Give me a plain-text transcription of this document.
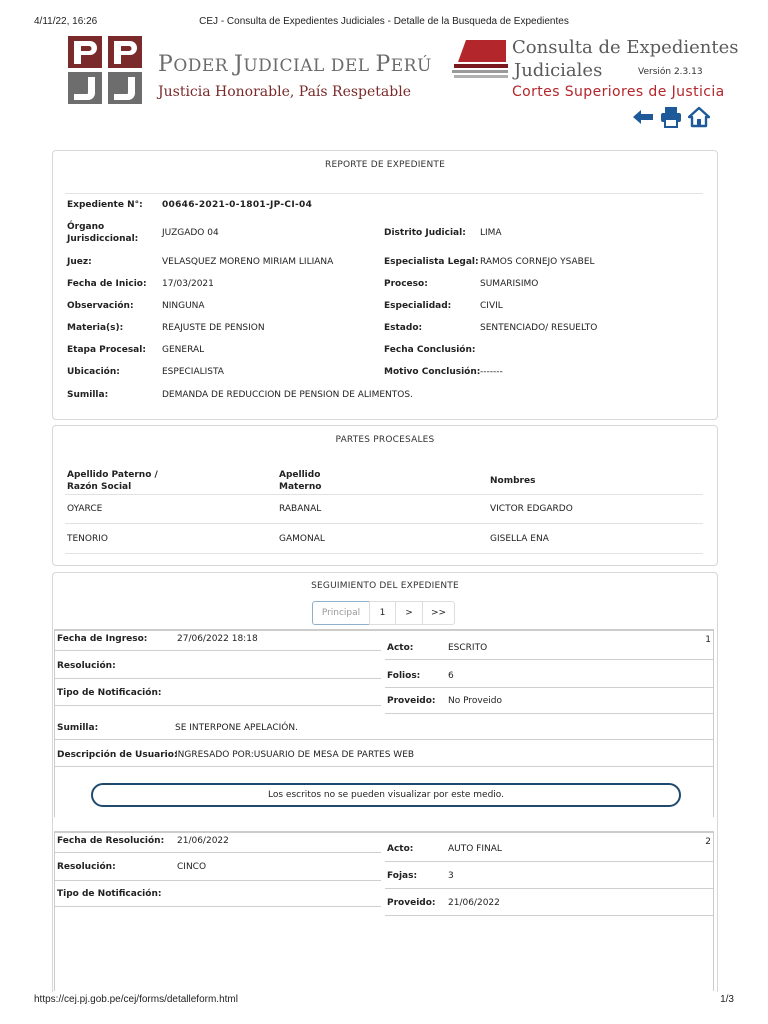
4/11/22, 16:26	CEJ - Consulta de Expedientes Judiciales - Detalle de la Busqueda de Expedientes
PODER JUDICIAL DEL PERÚ
Justicia Honorable, País Respetable
Consulta de Expedientes
Judiciales	Versión 2.3.13
Cortes Superiores de Justicia
REPORTE DE EXPEDIENTE
Expediente N°: 00646-2021-0-1801-JP-CI-04
Órgano
Jurisdiccional:
JUZGADO 04	Distrito Judicial: LIMA
Juez:	VELASQUEZ MORENO MIRIAM LILIANA	Especialista Legal: RAMOS CORNEJO YSABEL
Fecha de Inicio: 17/03/2021	Proceso:	SUMARISIMO
Observación:	NINGUNA	Especialidad:	CIVIL
Materia(s):	REAJUSTE DE PENSION	Estado:	SENTENCIADO/ RESUELTO
Etapa Procesal: GENERAL	Fecha Conclusión:
Ubicación:	ESPECIALISTA	Motivo Conclusión: -------
Sumilla:	DEMANDA DE REDUCCION DE PENSION DE ALIMENTOS.
PARTES PROCESALES
Apellido Paterno /
Razón Social
Apellido
Materno
Nombres
OYARCE	RABANAL	VICTOR EDGARDO
TENORIO	GAMONAL	GISELLA ENA
SEGUIMIENTO DEL EXPEDIENTE
Principal	1	>	>>
1
Fecha de Ingreso:	27/06/2022 18:18
Resolución:
Tipo de Notificación:
Acto:	ESCRITO
Folios:	6
Proveido: No Proveido
Sumilla:	SE INTERPONE APELACIÓN.
Descripción de Usuario:
INGRESADO POR:USUARIO DE MESA DE PARTES WEB
Los escritos no se pueden visualizar por este medio.
2
Fecha de Resolución: 21/06/2022
Resolución:	CINCO
Tipo de Notificación:
Acto:	AUTO FINAL
Fojas:	3
Proveido: 21/06/2022
https://cej.pj.gob.pe/cej/forms/detalleform.html	1/3
